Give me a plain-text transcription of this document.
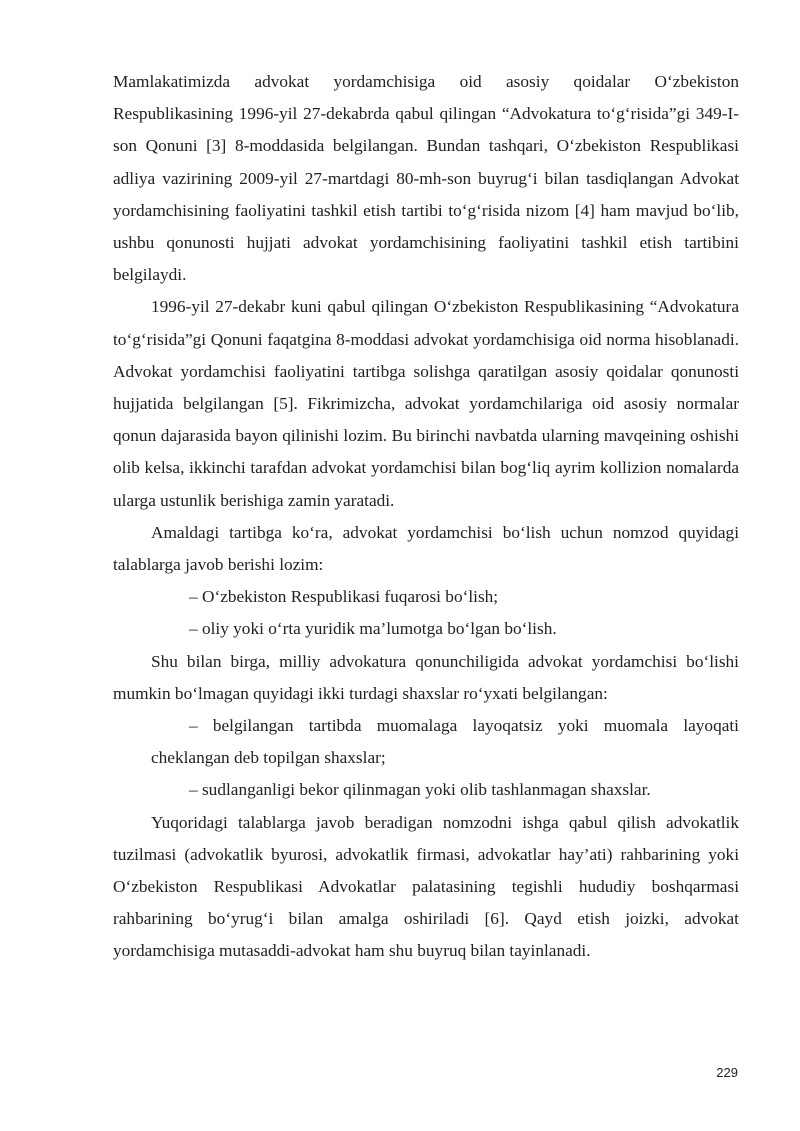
Mamlakatimizda advokat yordamchisiga oid asosiy qoidalar O‘zbekiston Respublikasining 1996-yil 27-dekabrda qabul qilingan “Advokatura to‘g‘risida”gi 349-I-son Qonuni [3] 8-moddasida belgilangan. Bundan tashqari, O‘zbekiston Respublikasi adliya vazirining 2009-yil 27-martdagi 80-mh-son buyrug‘i bilan tasdiqlangan Advokat yordamchisining faoliyatini tashkil etish tartibi to‘g‘risida nizom [4] ham mavjud bo‘lib, ushbu qonunosti hujjati advokat yordamchisining faoliyatini tashkil etish tartibini belgilaydi.

1996-yil 27-dekabr kuni qabul qilingan O‘zbekiston Respublikasining “Advokatura to‘g‘risida”gi Qonuni faqatgina 8-moddasi advokat yordamchisiga oid norma hisoblanadi. Advokat yordamchisi faoliyatini tartibga solishga qaratilgan asosiy qoidalar qonunosti hujjatida belgilangan [5]. Fikrimizcha, advokat yordamchilariga oid asosiy normalar qonun dajarasida bayon qilinishi lozim. Bu birinchi navbatda ularning mavqeining oshishi olib kelsa, ikkinchi tarafdan advokat yordamchisi bilan bog‘liq ayrim kollizion nomalarda ularga ustunlik berishiga zamin yaratadi.

Amaldagi tartibga ko‘ra, advokat yordamchisi bo‘lish uchun nomzod quyidagi talablarga javob berishi lozim:

– O‘zbekiston Respublikasi fuqarosi bo‘lish;

– oliy yoki o‘rta yuridik ma’lumotga bo‘lgan bo‘lish.

Shu bilan birga, milliy advokatura qonunchiligida advokat yordamchisi bo‘lishi mumkin bo‘lmagan quyidagi ikki turdagi shaxslar ro‘yxati belgilangan:

– belgilangan tartibda muomalaga layoqatsiz yoki muomala layoqati cheklangan deb topilgan shaxslar;

– sudlanganligi bekor qilinmagan yoki olib tashlanmagan shaxslar.

Yuqoridagi talablarga javob beradigan nomzodni ishga qabul qilish advokatlik tuzilmasi (advokatlik byurosi, advokatlik firmasi, advokatlar hay’ati) rahbarining yoki O‘zbekiston Respublikasi Advokatlar palatasining tegishli hududiy boshqarmasi rahbarining bo‘yrug‘i bilan amalga oshiriladi [6]. Qayd etish joizki, advokat yordamchisiga mutasaddi-advokat ham shu buyruq bilan tayinlanadi.

229
